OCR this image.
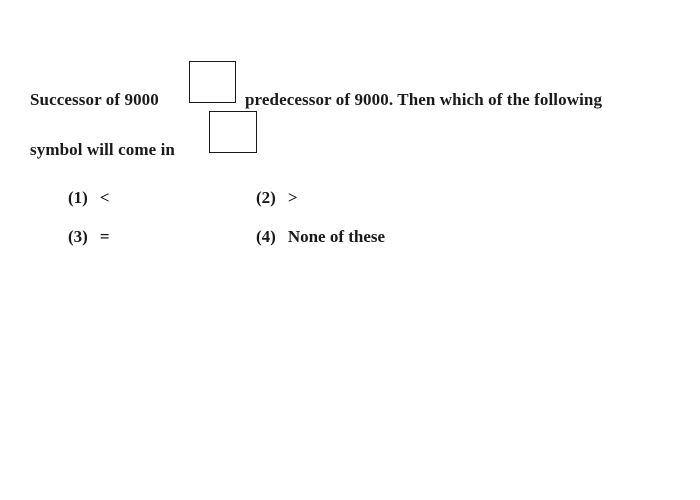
Successor of 9000	predecessor of 9000. Then which of the following
symbol will come in
(1) <	(2) >
(3) =	(4) None of these
